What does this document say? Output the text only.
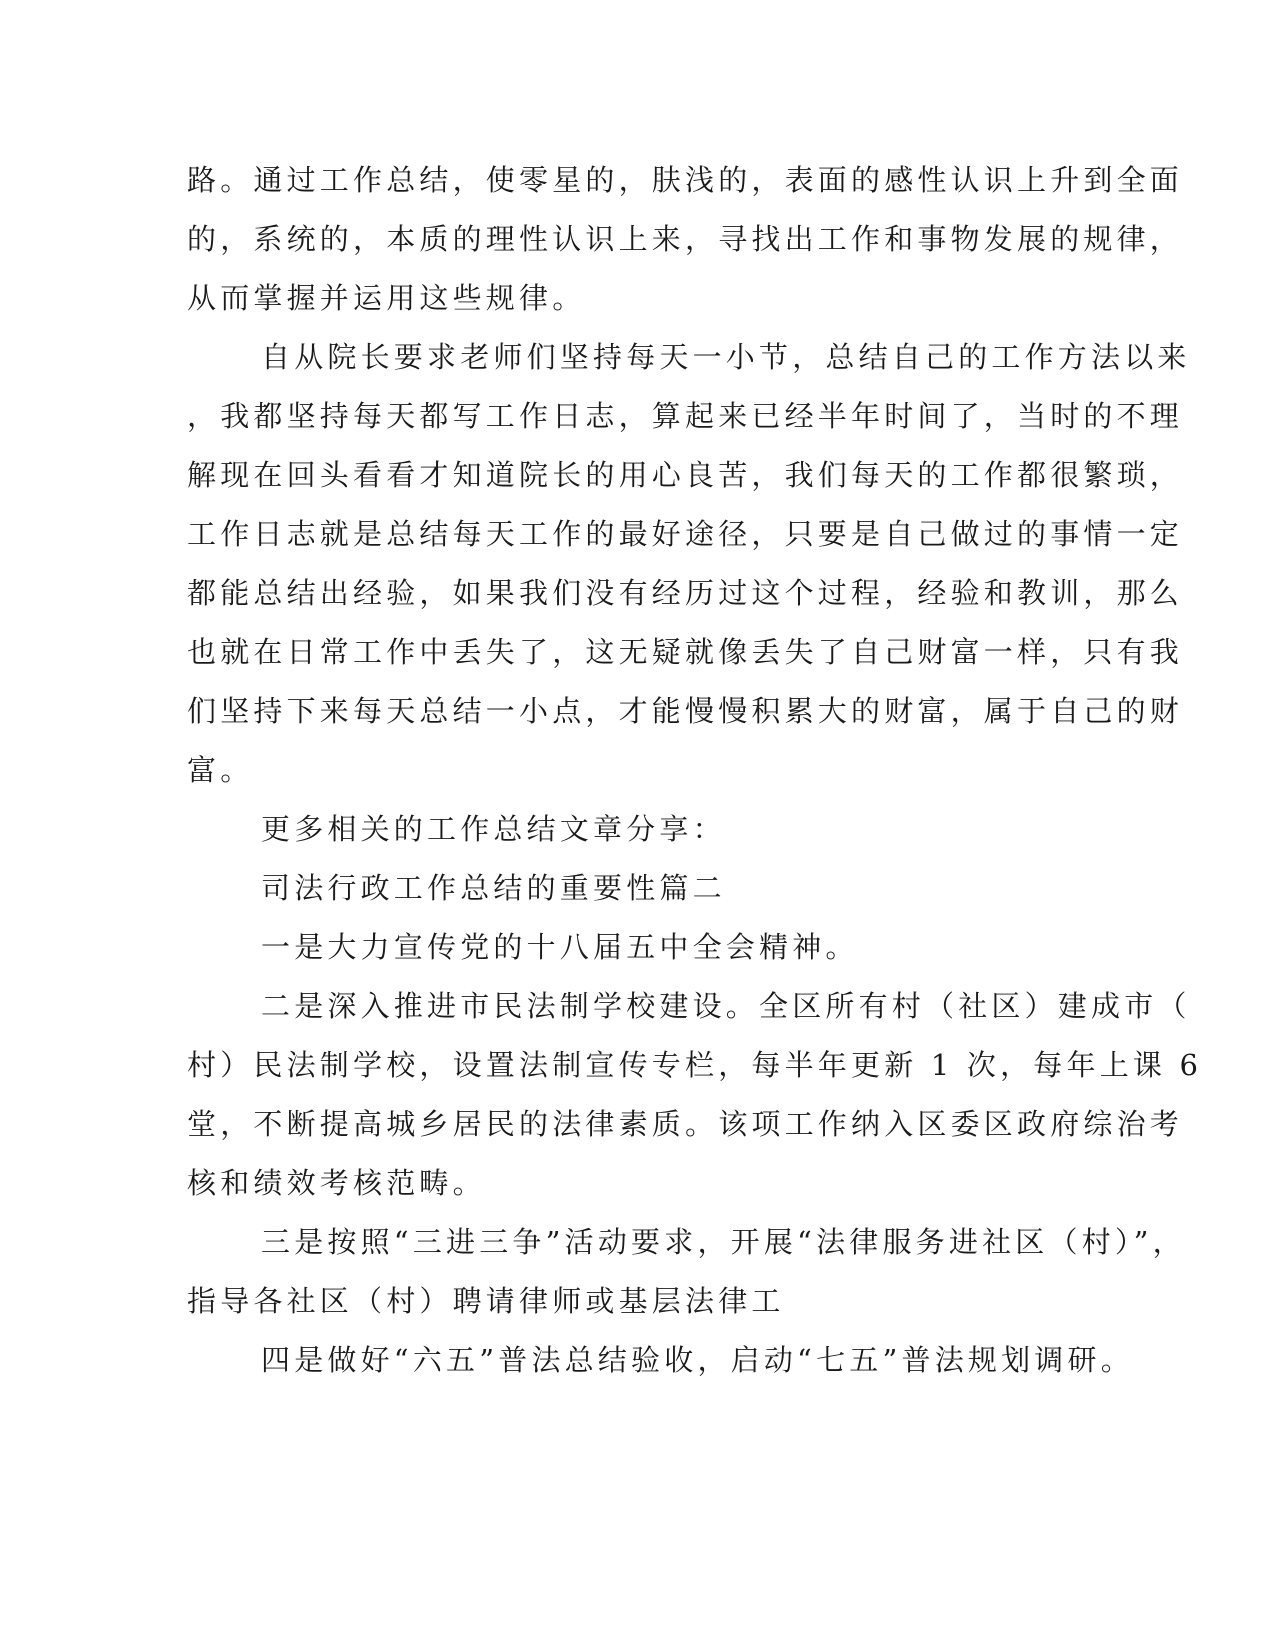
路。通过工作总结，使零星的，肤浅的，表面的感性认识上升到全面
的，系统的，本质的理性认识上来，寻找出工作和事物发展的规律，
从而掌握并运用这些规律。
自从院长要求老师们坚持每天一小节，总结自己的工作方法以来
，我都坚持每天都写工作日志，算起来已经半年时间了，当时的不理
解现在回头看看才知道院长的用心良苦，我们每天的工作都很繁琐，
工作日志就是总结每天工作的最好途径，只要是自己做过的事情一定
都能总结出经验，如果我们没有经历过这个过程，经验和教训，那么
也就在日常工作中丢失了，这无疑就像丢失了自己财富一样，只有我
们坚持下来每天总结一小点，才能慢慢积累大的财富，属于自己的财
富。
更多相关的工作总结文章分享：
司法行政工作总结的重要性篇二
一是大力宣传党的十八届五中全会精神。
二是深入推进市民法制学校建设。全区所有村（社区）建成市（
村）民法制学校，设置法制宣传专栏，每半年更新 1 次，每年上课 6
堂，不断提高城乡居民的法律素质。该项工作纳入区委区政府综治考
核和绩效考核范畴。
三是按照“三进三争”活动要求，开展“法律服务进社区（村）”，
指导各社区（村）聘请律师或基层法律工
四是做好“六五”普法总结验收，启动“七五”普法规划调研。
